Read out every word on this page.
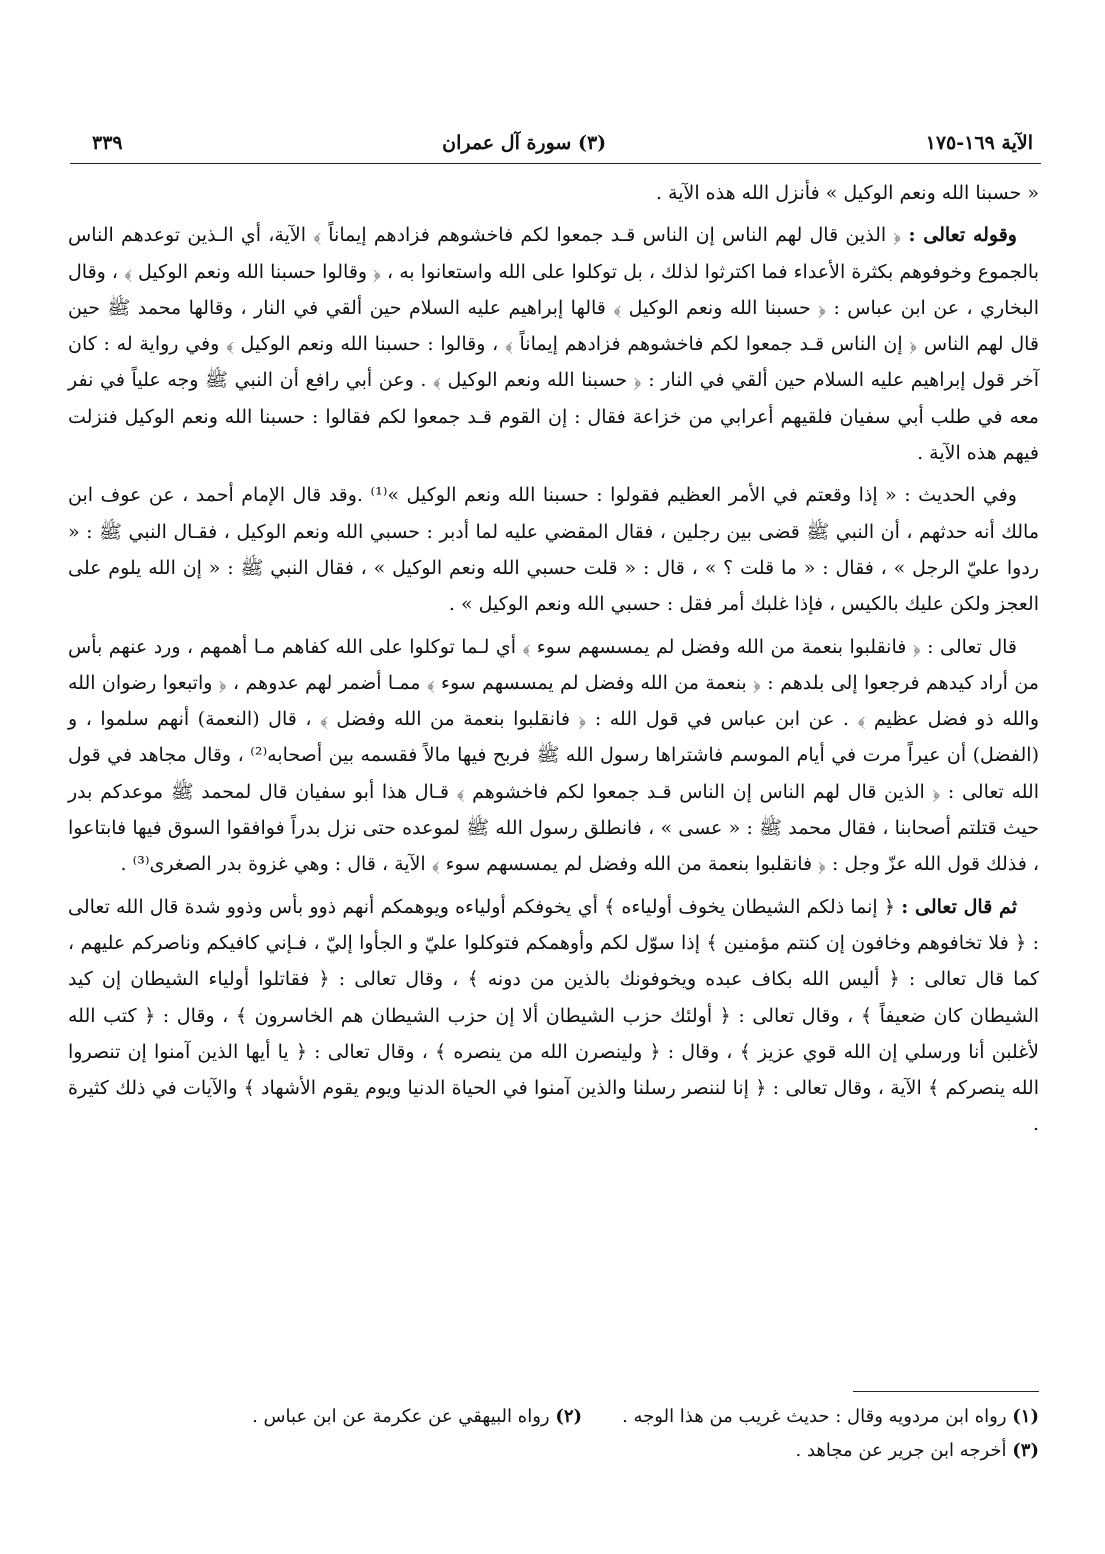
الآية ١٦٩-١٧٥
(٣) سورة آل عمران
٣٣٩

« حسبنا الله ونعم الوكيل » فأنزل الله هذه الآية .

وقوله تعالى : ﴿ الذين قال لهم الناس إن الناس قـد جمعوا لكم فاخشوهم فزادهم إيماناً ﴾ الآية، أي الـذين توعدهم الناس بالجموع وخوفوهم بكثرة الأعداء فما اكترثوا لذلك ، بل توكلوا على الله واستعانوا به ، ﴿ وقالوا حسبنا الله ونعم الوكيل ﴾ ، وقال البخاري ، عن ابن عباس : ﴿ حسبنا الله ونعم الوكيل ﴾ قالها إبراهيم عليه السلام حين ألقي في النار ، وقالها محمد ﷺ حين قال لهم الناس ﴿ إن الناس قـد جمعوا لكم فاخشوهم فزادهم إيماناً ﴾ ، وقالوا : حسبنا الله ونعم الوكيل ﴾ وفي رواية له : كان آخر قول إبراهيم عليه السلام حين ألقي في النار : ﴿ حسبنا الله ونعم الوكيل ﴾ . وعن أبي رافع أن النبي ﷺ وجه علياً في نفر معه في طلب أبي سفيان فلقيهم أعرابي من خزاعة فقال : إن القوم قـد جمعوا لكم فقالوا : حسبنا الله ونعم الوكيل فنزلت فيهم هذه الآية .

وفي الحديث : « إذا وقعتم في الأمر العظيم فقولوا : حسبنا الله ونعم الوكيل »⁽¹⁾ .وقد قال الإمام أحمد ، عن عوف ابن مالك أنه حدثهم ، أن النبي ﷺ قضى بين رجلين ، فقال المقضي عليه لما أدبر : حسبي الله ونعم الوكيل ، فقـال النبي ﷺ : « ردوا عليّ الرجل » ، فقال : « ما قلت ؟ » ، قال : « قلت حسبي الله ونعم الوكيل » ، فقال النبي ﷺ : « إن الله يلوم على العجز ولكن عليك بالكيس ، فإذا غلبك أمر فقل : حسبي الله ونعم الوكيل » .

قال تعالى : ﴿ فانقلبوا بنعمة من الله وفضل لم يمسسهم سوء ﴾ أي لـما توكلوا على الله كفاهم مـا أهمهم ، ورد عنهم بأس من أراد كيدهم فرجعوا إلى بلدهم : ﴿ بنعمة من الله وفضل لم يمسسهم سوء ﴾ ممـا أضمر لهم عدوهم ، ﴿ واتبعوا رضوان الله والله ذو فضل عظيم ﴾ . عن ابن عباس في قول الله : ﴿ فانقلبوا بنعمة من الله وفضل ﴾ ، قال (النعمة) أنهم سلموا ، و (الفضل) أن عيراً مرت في أيام الموسم فاشتراها رسول الله ﷺ فربح فيها مالاً فقسمه بين أصحابه⁽²⁾ ، وقال مجاهد في قول الله تعالى : ﴿ الذين قال لهم الناس إن الناس قـد جمعوا لكم فاخشوهم ﴾ قـال هذا أبو سفيان قال لمحمد ﷺ موعدكم بدر حيث قتلتم أصحابنا ، فقال محمد ﷺ : « عسى » ، فانطلق رسول الله ﷺ لموعده حتى نزل بدراً فوافقوا السوق فيها فابتاعوا ، فذلك قول الله عزّ وجل : ﴿ فانقلبوا بنعمة من الله وفضل لم يمسسهم سوء ﴾ الآية ، قال : وهي غزوة بدر الصغرى⁽³⁾ .

ثم قال تعالى : ﴿ إنما ذلكم الشيطان يخوف أولياءه ﴾ أي يخوفكم أولياءه ويوهمكم أنهم ذوو بأس وذوو شدة قال الله تعالى : ﴿ فلا تخافوهم وخافون إن كنتم مؤمنين ﴾ إذا سوّل لكم وأوهمكم فتوكلوا عليّ و الجأوا إليّ ، فـإني كافيكم وناصركم عليهم ، كما قال تعالى : ﴿ أليس الله بكاف عبده ويخوفونك بالذين من دونه ﴾ ، وقال تعالى : ﴿ فقاتلوا أولياء الشيطان إن كيد الشيطان كان ضعيفاً ﴾ ، وقال تعالى : ﴿ أولئك حزب الشيطان ألا إن حزب الشيطان هم الخاسرون ﴾ ، وقال : ﴿ كتب الله لأغلبن أنا ورسلي إن الله قوي عزيز ﴾ ، وقال : ﴿ ولينصرن الله من ينصره ﴾ ، وقال تعالى : ﴿ يا أيها الذين آمنوا إن تنصروا الله ينصركم ﴾ الآية ، وقال تعالى : ﴿ إنا لننصر رسلنا والذين آمنوا في الحياة الدنيا ويوم يقوم الأشهاد ﴾ والآيات في ذلك كثيرة .

(١) رواه ابن مردويه وقال : حديث غريب من هذا الوجه .
(٢) رواه البيهقي عن عكرمة عن ابن عباس .
(٣) أخرجه ابن جرير عن مجاهد .
